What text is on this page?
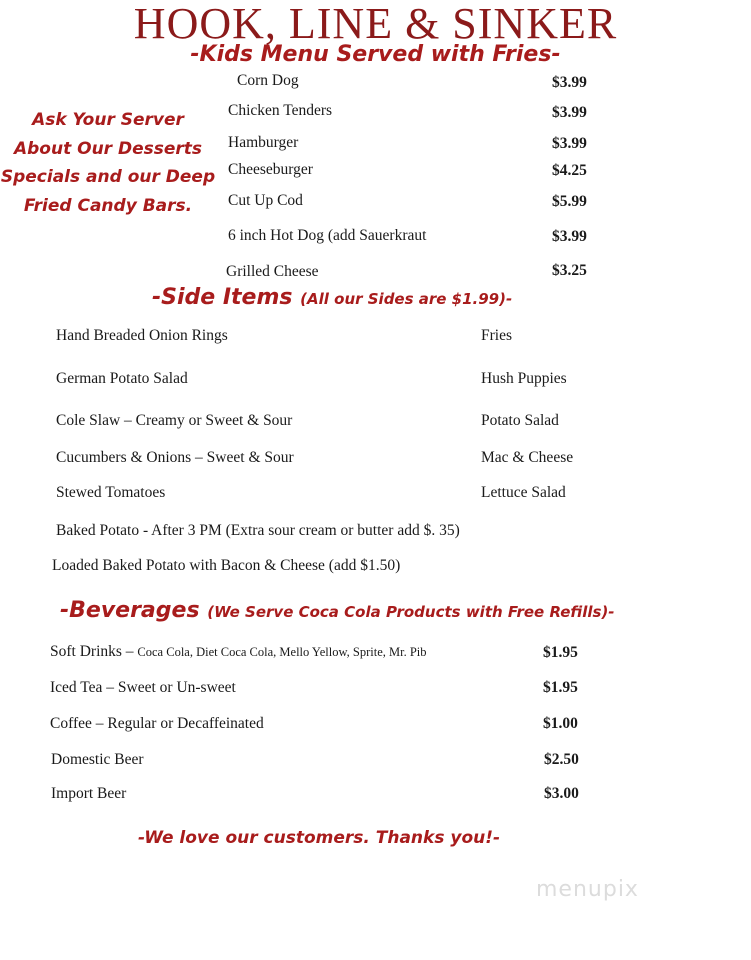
HOOK, LINE & SINKER
-Kids Menu Served with Fries-
Ask Your Server
About Our Desserts
Specials and our Deep
Fried Candy Bars.
Corn Dog	$3.99
Chicken Tenders	$3.99
Hamburger	$3.99
Cheeseburger	$4.25
Cut Up Cod	$5.99
6 inch Hot Dog (add Sauerkraut	$3.99
Grilled Cheese	$3.25
-Side Items (All our Sides are $1.99)-
Hand Breaded Onion Rings	Fries
German Potato Salad	Hush Puppies
Cole Slaw – Creamy or Sweet & Sour	Potato Salad
Cucumbers & Onions – Sweet & Sour	Mac & Cheese
Stewed Tomatoes	Lettuce Salad
Baked Potato - After 3 PM (Extra sour cream or butter add $. 35)
Loaded Baked Potato with Bacon & Cheese (add $1.50)
-Beverages (We Serve Coca Cola Products with Free Refills)-
Soft Drinks – Coca Cola, Diet Coca Cola, Mello Yellow, Sprite, Mr. Pib	$1.95
Iced Tea – Sweet or Un-sweet	$1.95
Coffee – Regular or Decaffeinated	$1.00
Domestic Beer	$2.50
Import Beer	$3.00
-We love our customers. Thanks you!-
menupix
